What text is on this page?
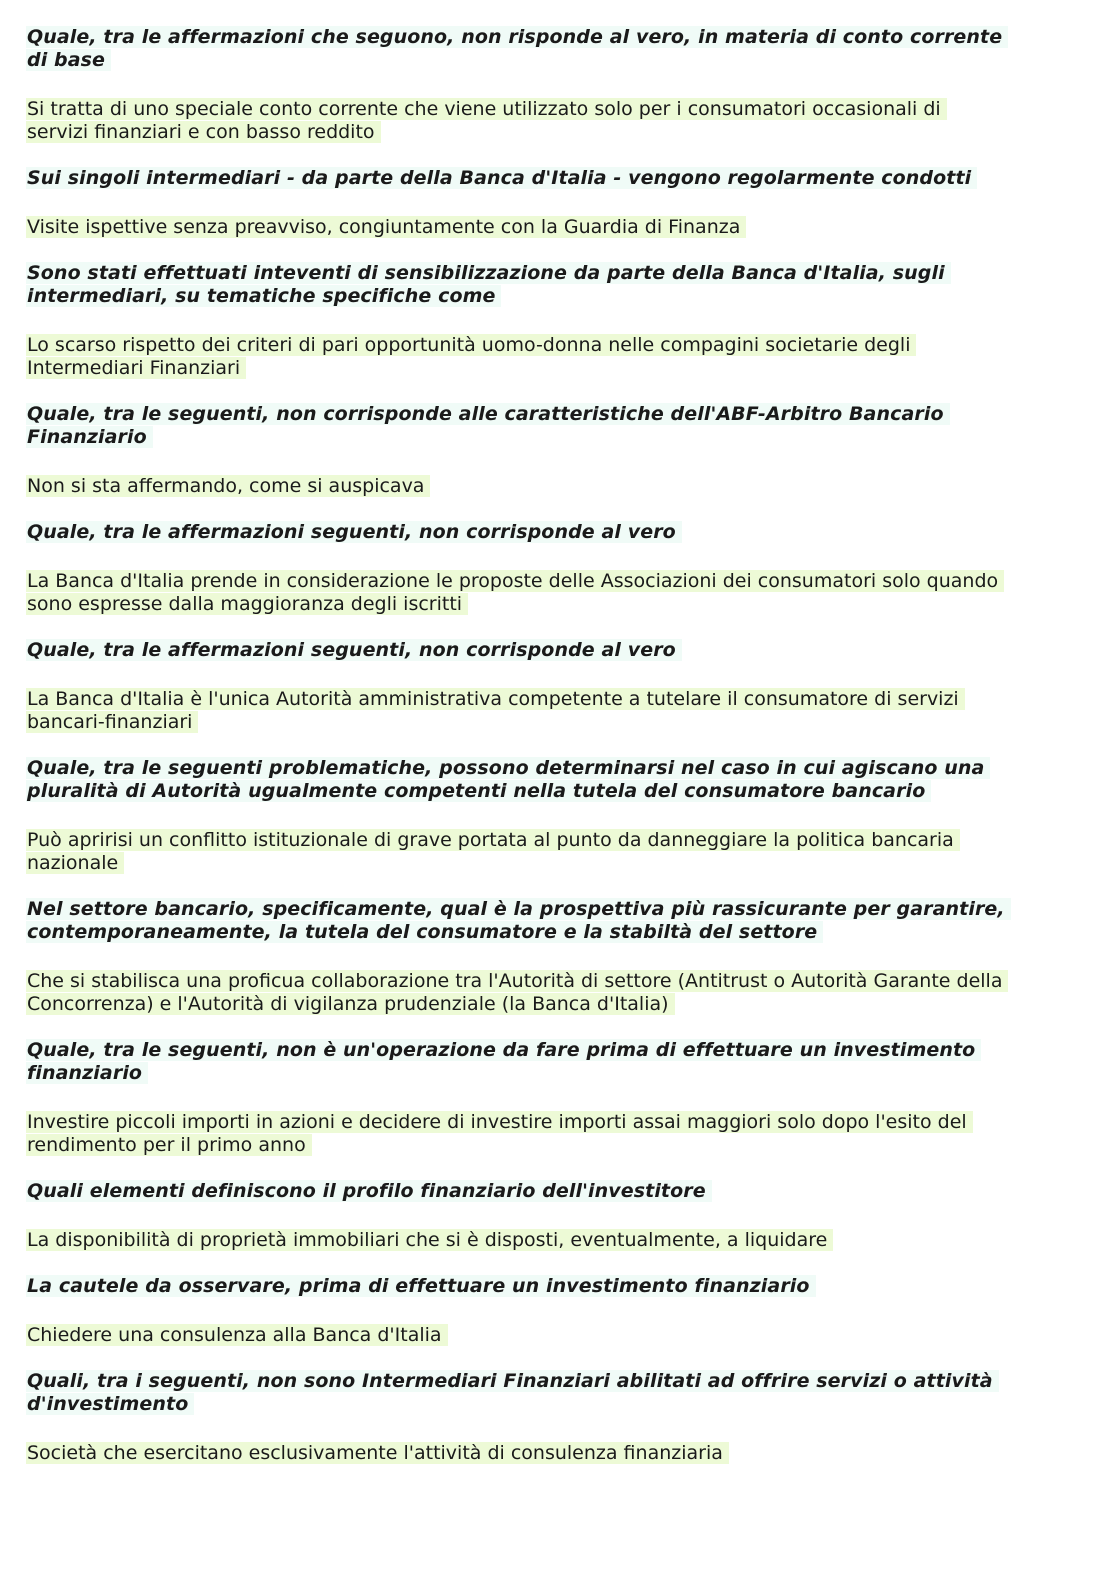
Quale, tra le affermazioni che seguono, non risponde al vero, in materia di conto corrente di base

Si tratta di uno speciale conto corrente che viene utilizzato solo per i consumatori occasionali di servizi finanziari e con basso reddito

Sui singoli intermediari - da parte della Banca d'Italia - vengono regolarmente condotti

Visite ispettive senza preavviso, congiuntamente con la Guardia di Finanza

Sono stati effettuati inteventi di sensibilizzazione da parte della Banca d'Italia, sugli intermediari, su tematiche specifiche come

Lo scarso rispetto dei criteri di pari opportunità uomo-donna nelle compagini societarie degli Intermediari Finanziari

Quale, tra le seguenti, non corrisponde alle caratteristiche dell'ABF-Arbitro Bancario Finanziario

Non si sta affermando, come si auspicava

Quale, tra le affermazioni seguenti, non corrisponde al vero

La Banca d'Italia prende in considerazione le proposte delle Associazioni dei consumatori solo quando sono espresse dalla maggioranza degli iscritti

Quale, tra le affermazioni seguenti, non corrisponde al vero

La Banca d'Italia è l'unica Autorità amministrativa competente a tutelare il consumatore di servizi bancari-finanziari

Quale, tra le seguenti problematiche, possono determinarsi nel caso in cui agiscano una pluralità di Autorità ugualmente competenti nella tutela del consumatore bancario

Può apririsi un conflitto istituzionale di grave portata al punto da danneggiare la politica bancaria nazionale

Nel settore bancario, specificamente, qual è la prospettiva più rassicurante per garantire, contemporaneamente, la tutela del consumatore e la stabiltà del settore

Che si stabilisca una proficua collaborazione tra l'Autorità di settore (Antitrust o Autorità Garante della Concorrenza) e l'Autorità di vigilanza prudenziale (la Banca d'Italia)

Quale, tra le seguenti, non è un'operazione da fare prima di effettuare un investimento finanziario

Investire piccoli importi in azioni e decidere di investire importi assai maggiori solo dopo l'esito del rendimento per il primo anno

Quali elementi definiscono il profilo finanziario dell'investitore

La disponibilità di proprietà immobiliari che si è disposti, eventualmente, a liquidare

La cautele da osservare, prima di effettuare un investimento finanziario

Chiedere una consulenza alla Banca d'Italia

Quali, tra i seguenti, non sono Intermediari Finanziari abilitati ad offrire servizi o attività d'investimento

Società che esercitano esclusivamente l'attività di consulenza finanziaria
